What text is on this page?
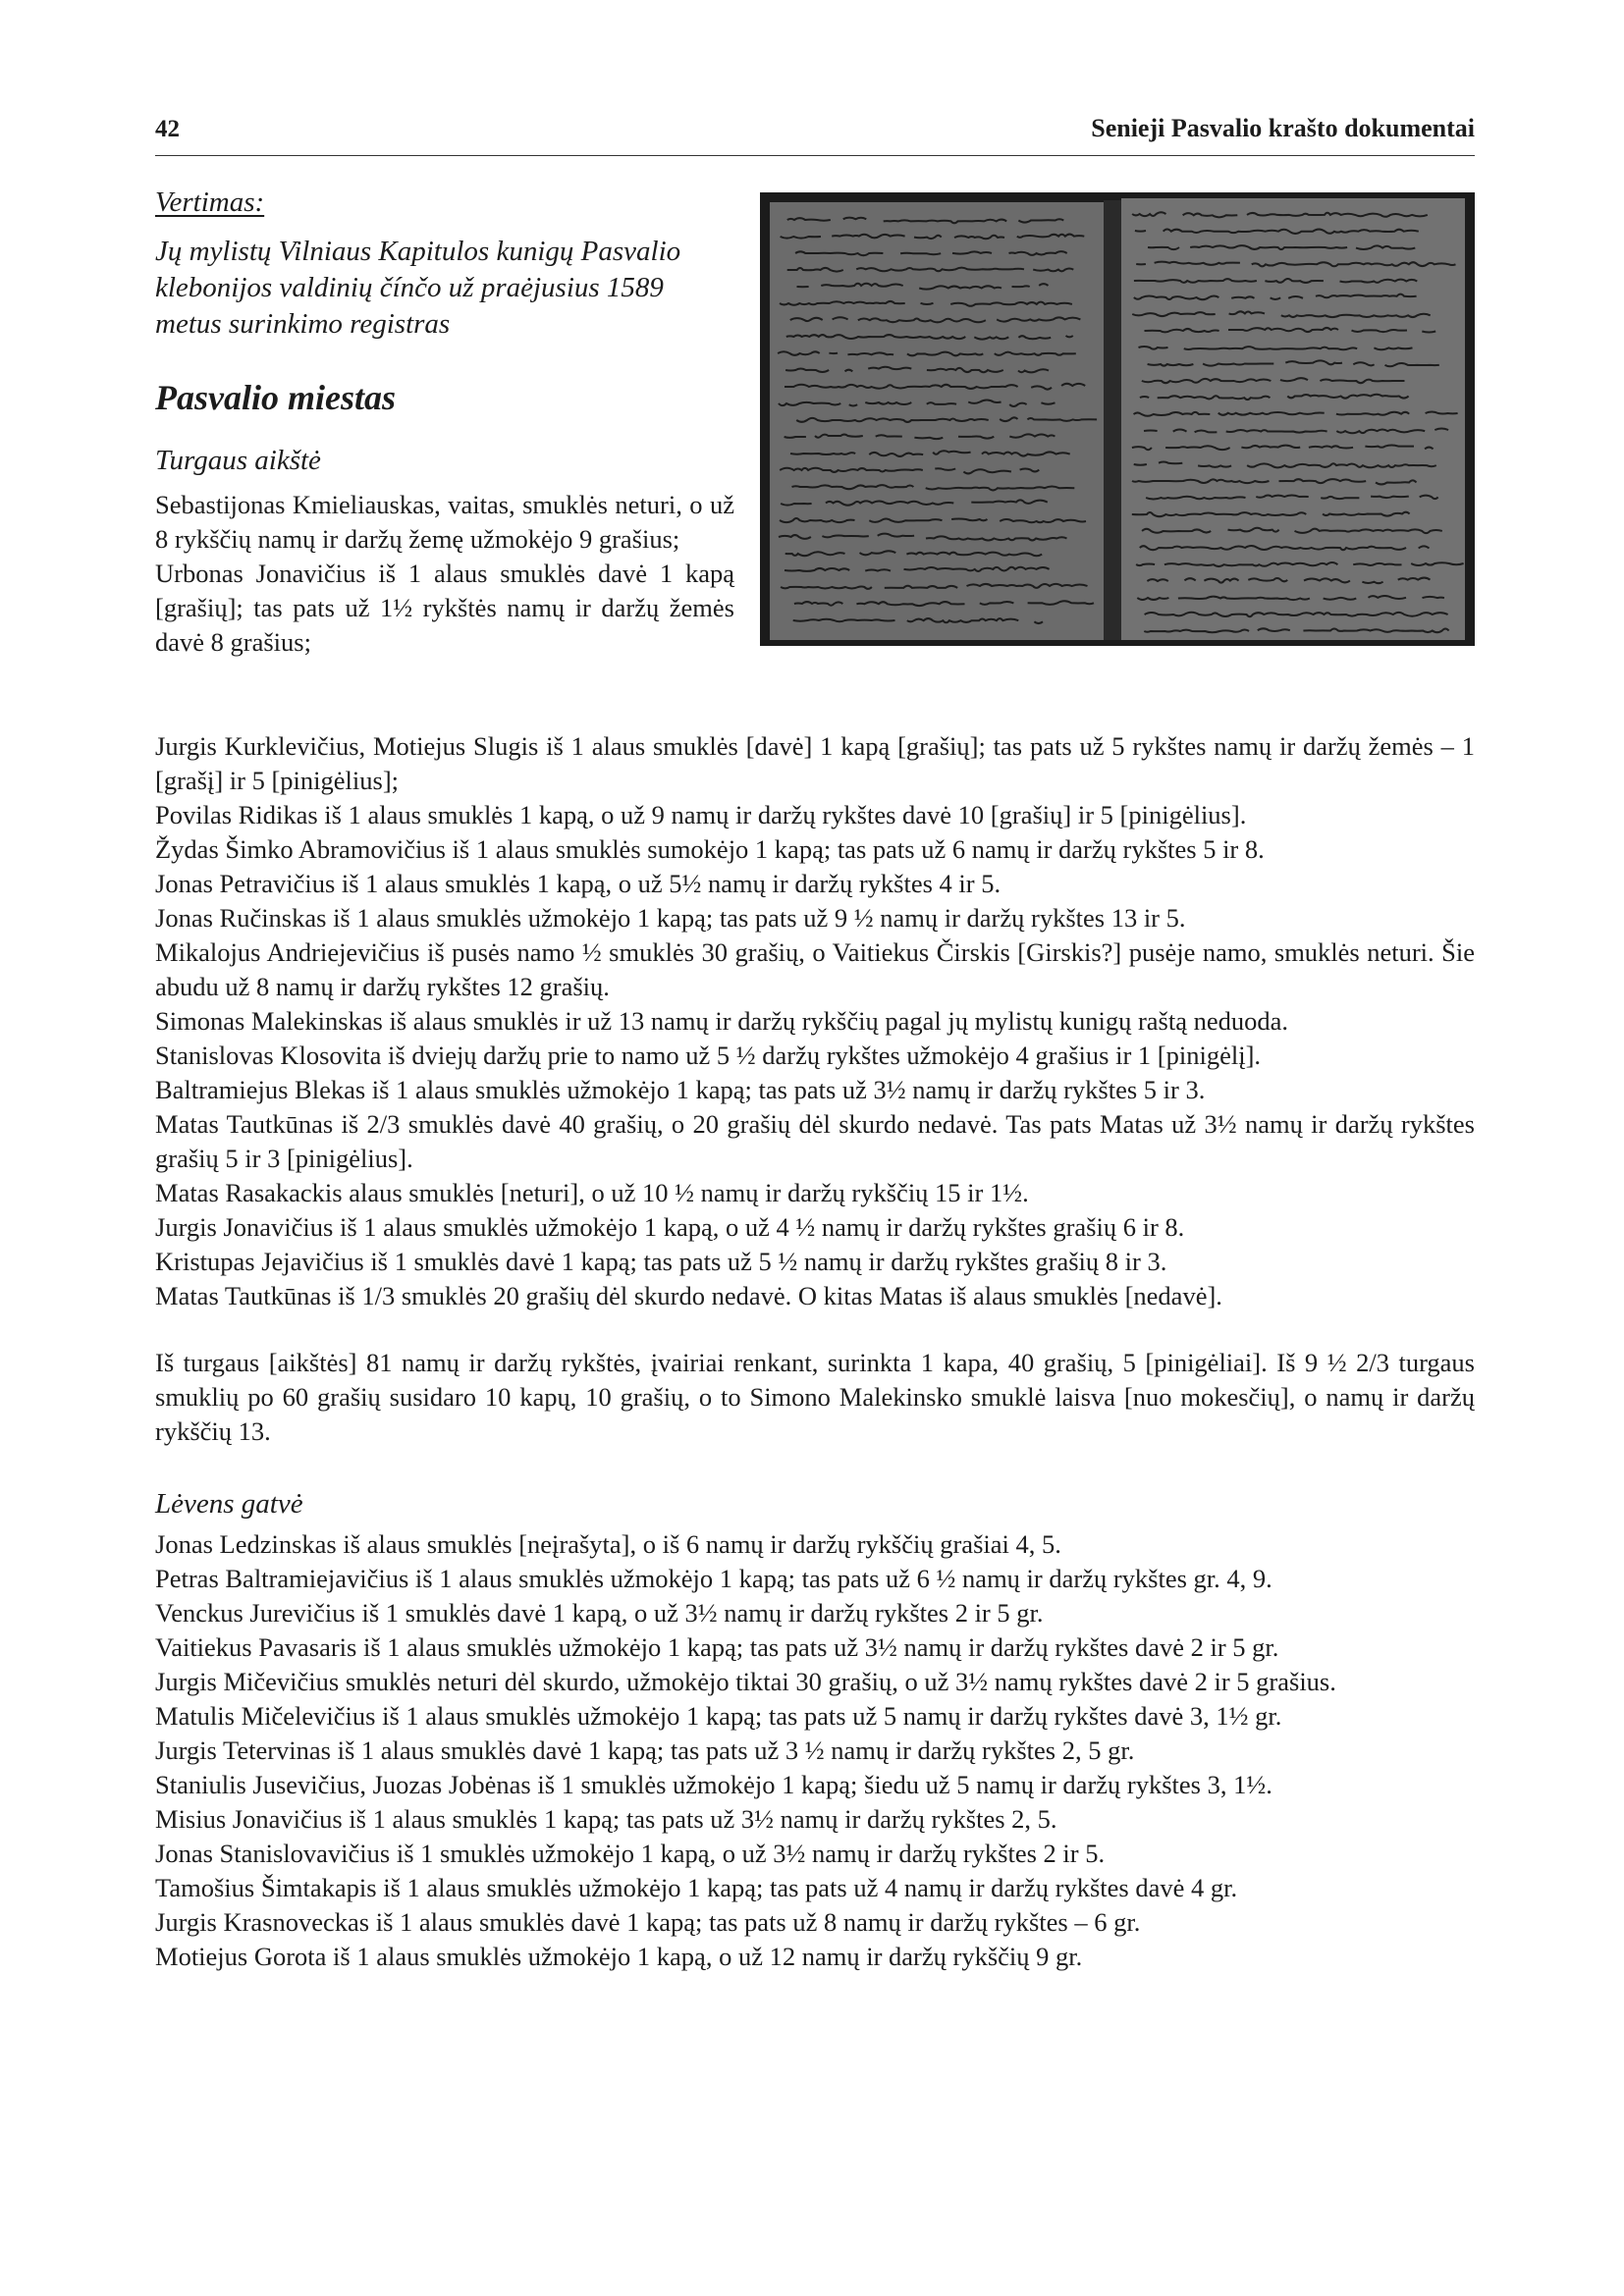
42	Senieji Pasvalio krašto dokumentai

Vertimas:

Jų mylistų Vilniaus Kapitulos kunigų Pasvalio klebonijos valdinių čínčo už praėjusius 1589 metus surinkimo registras

Pasvalio miestas

Turgaus aikštė

Sebastijonas Kmieliauskas, vaitas, smuklės neturi, o už 8 rykščių namų ir daržų žemę užmokėjo 9 grašius;

Urbonas Jonavičius iš 1 alaus smuklės davė 1 kapą [grašių]; tas pats už 1½ rykštės namų ir daržų žemės davė 8 grašius;

Jurgis Kurklevičius, Motiejus Slugis iš 1 alaus smuklės [davė] 1 kapą [grašių]; tas pats už 5 rykštes namų ir daržų žemės – 1 [grašį] ir 5 [pinigėlius];

Povilas Ridikas iš 1 alaus smuklės 1 kapą, o už 9 namų ir daržų rykštes davė 10 [grašių] ir 5 [pinigėlius].

Žydas Šimko Abramovičius iš 1 alaus smuklės sumokėjo 1 kapą; tas pats už 6 namų ir daržų rykštes 5 ir 8.

Jonas Petravičius iš 1 alaus smuklės 1 kapą, o už 5½ namų ir daržų rykštes 4 ir 5.

Jonas Ručinskas iš 1 alaus smuklės užmokėjo 1 kapą; tas pats už 9 ½ namų ir daržų rykštes 13 ir 5.

Mikalojus Andriejevičius iš pusės namo ½ smuklės 30 grašių, o Vaitiekus Čirskis [Girskis?] pusėje namo, smuklės neturi. Šie abudu už 8 namų ir daržų rykštes 12 grašių.

Simonas Malekinskas iš alaus smuklės ir už 13 namų ir daržų rykščių pagal jų mylistų kunigų raštą neduoda.

Stanislovas Klosovita iš dviejų daržų prie to namo už 5 ½ daržų rykštes užmokėjo 4 grašius ir 1 [pinigėlį].

Baltramiejus Blekas iš 1 alaus smuklės užmokėjo 1 kapą; tas pats už 3½ namų ir daržų rykštes 5 ir 3.

Matas Tautkūnas iš 2/3 smuklės davė 40 grašių, o 20 grašių dėl skurdo nedavė. Tas pats Matas už 3½ namų ir daržų rykštes grašių 5 ir 3 [pinigėlius].

Matas Rasakackis alaus smuklės [neturi], o už 10 ½ namų ir daržų rykščių 15 ir 1½.

Jurgis Jonavičius iš 1 alaus smuklės užmokėjo 1 kapą, o už 4 ½ namų ir daržų rykštes grašių 6 ir 8.

Kristupas Jejavičius iš 1 smuklės davė 1 kapą; tas pats už 5 ½ namų ir daržų rykštes grašių 8 ir 3.

Matas Tautkūnas iš 1/3 smuklės 20 grašių dėl skurdo nedavė. O kitas Matas iš alaus smuklės [nedavė].

Iš turgaus [aikštės] 81 namų ir daržų rykštės, įvairiai renkant, surinkta 1 kapa, 40 grašių, 5 [pinigėliai]. Iš 9 ½ 2/3 turgaus smuklių po 60 grašių susidaro 10 kapų, 10 grašių, o to Simono Malekinsko smuklė laisva [nuo mokesčių], o namų ir daržų rykščių 13.

Lėvens gatvė

Jonas Ledzinskas iš alaus smuklės [neįrašyta], o iš 6 namų ir daržų rykščių grašiai 4, 5.

Petras Baltramiejavičius iš 1 alaus smuklės užmokėjo 1 kapą; tas pats už 6 ½ namų ir daržų rykštes gr. 4, 9.

Venckus Jurevičius iš 1 smuklės davė 1 kapą, o už 3½ namų ir daržų rykštes 2 ir 5 gr.

Vaitiekus Pavasaris iš 1 alaus smuklės užmokėjo 1 kapą; tas pats už 3½ namų ir daržų rykštes davė 2 ir 5 gr.

Jurgis Mičevičius smuklės neturi dėl skurdo, užmokėjo tiktai 30 grašių, o už 3½ namų rykštes davė 2 ir 5 grašius.

Matulis Mičelevičius iš 1 alaus smuklės užmokėjo 1 kapą; tas pats už 5 namų ir daržų rykštes davė 3, 1½ gr.

Jurgis Tetervinas iš 1 alaus smuklės davė 1 kapą; tas pats už 3 ½ namų ir daržų rykštes 2, 5 gr.

Staniulis Jusevičius, Juozas Jobėnas iš 1 smuklės užmokėjo 1 kapą; šiedu už 5 namų ir daržų rykštes 3, 1½.

Misius Jonavičius iš 1 alaus smuklės 1 kapą; tas pats už 3½ namų ir daržų rykštes 2, 5.

Jonas Stanislovavičius iš 1 smuklės užmokėjo 1 kapą, o už 3½ namų ir daržų rykštes 2 ir 5.

Tamošius Šimtakapis iš 1 alaus smuklės užmokėjo 1 kapą; tas pats už 4 namų ir daržų rykštes davė 4 gr.

Jurgis Krasnoveckas iš 1 alaus smuklės davė 1 kapą; tas pats už 8 namų ir daržų rykštes – 6 gr.

Motiejus Gorota iš 1 alaus smuklės užmokėjo 1 kapą, o už 12 namų ir daržų rykščių 9 gr.
